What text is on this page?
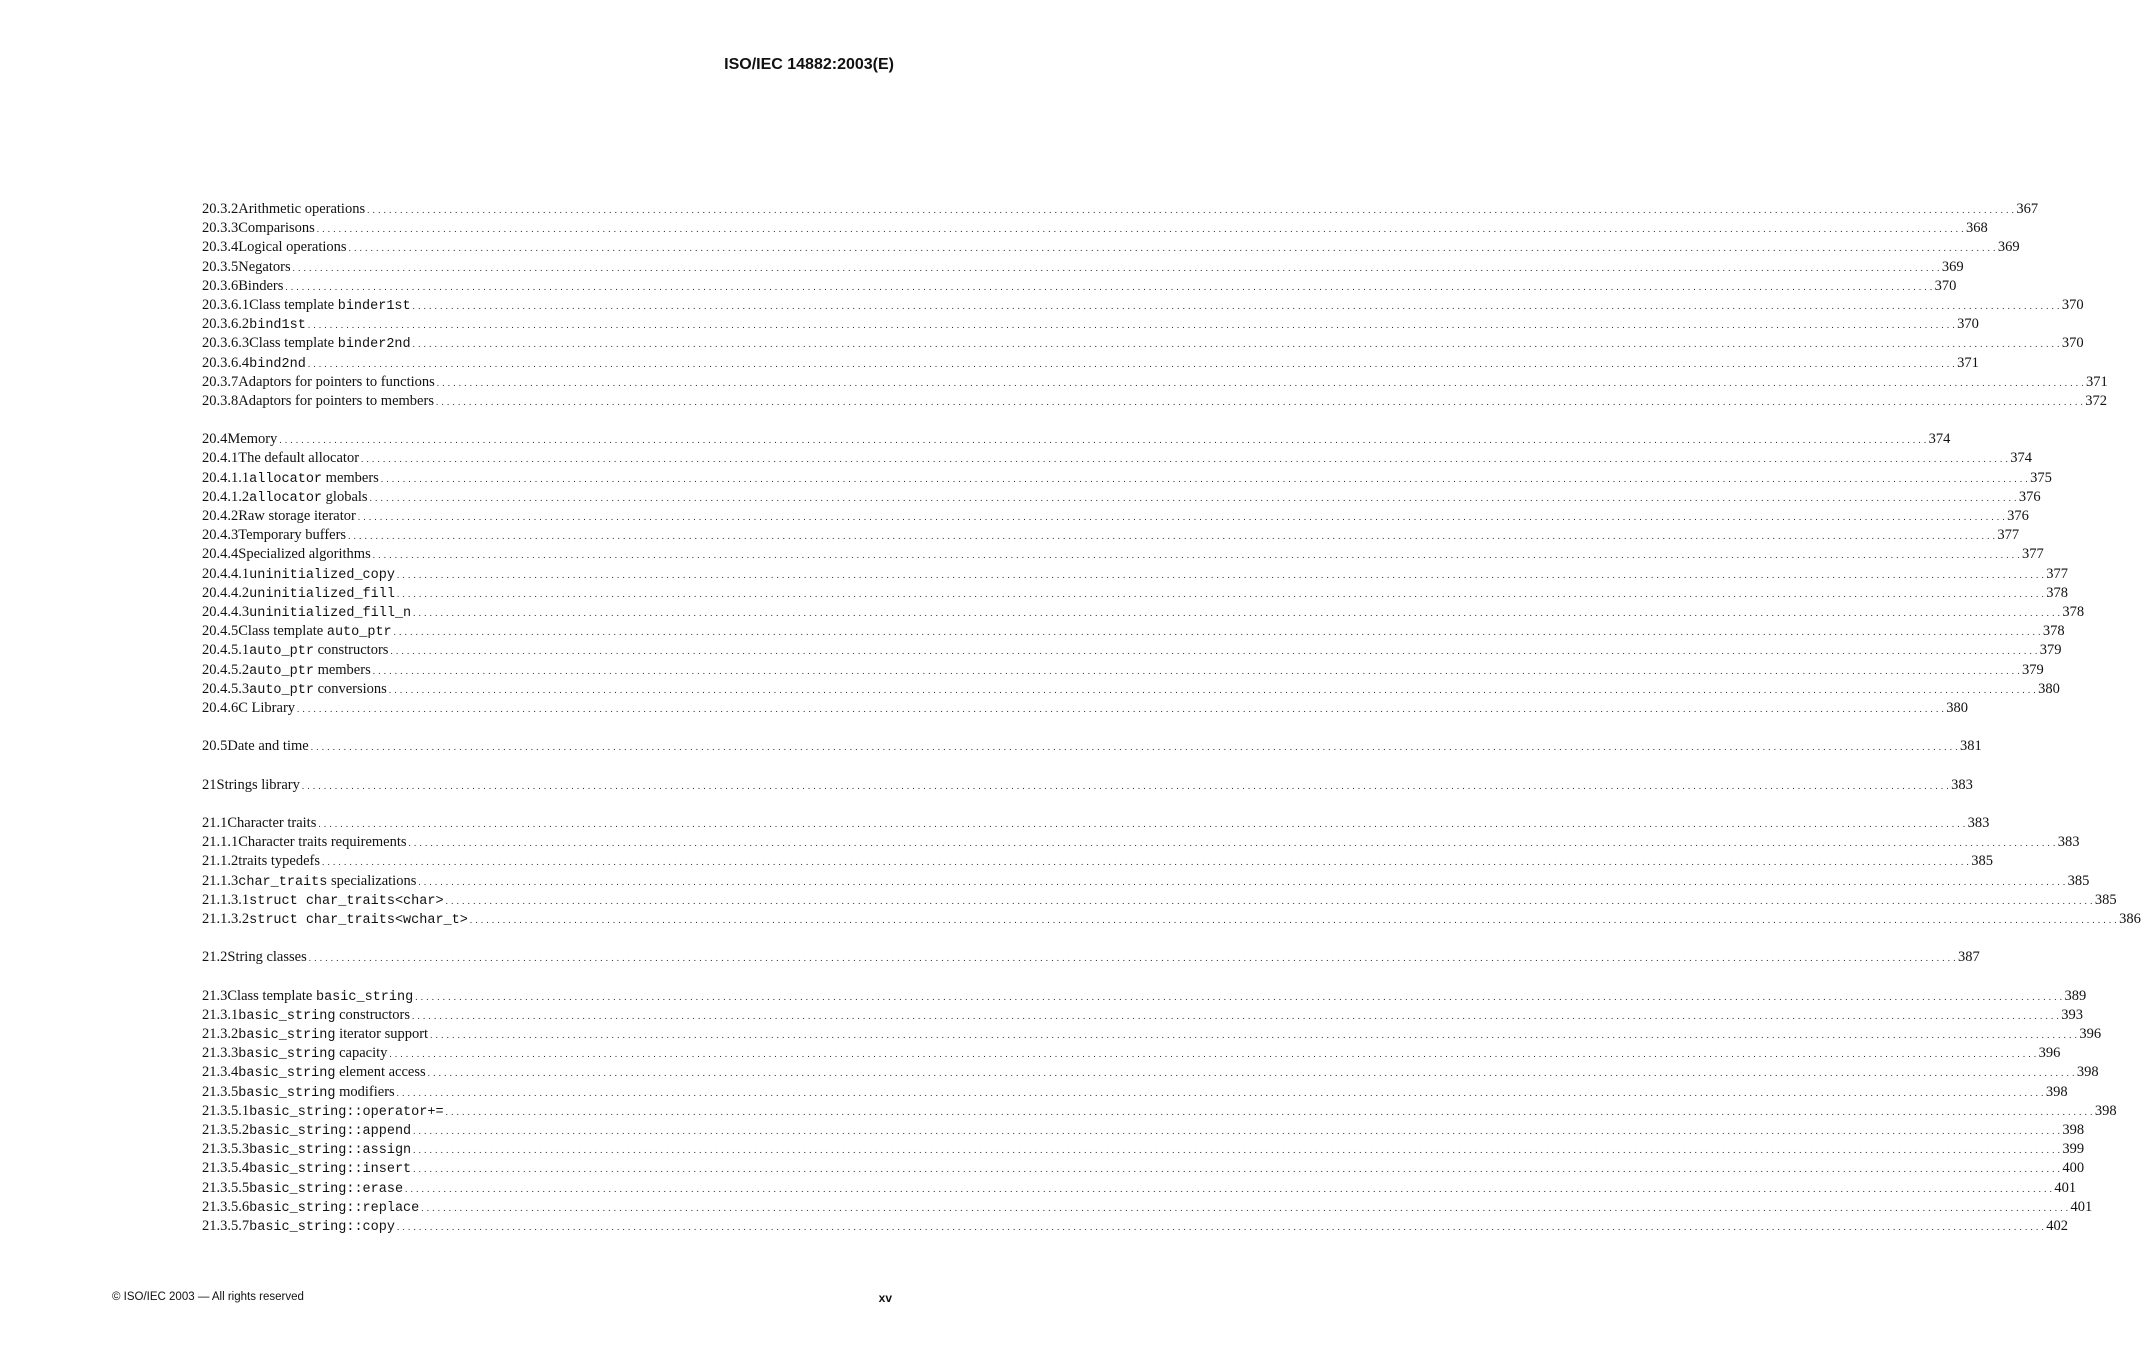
ISO/IEC 14882:2003(E)
20.3.2 Arithmetic operations . . . . . . . . . . . . . . . . . . . . . . . . . . . . . . . . . . . . . . . . . . . . . . . . . . . . . . . . . . . . . . . . . . . . . . . . . . . . . . . . . . . . . . . . . . . . . . . . . . . . . . . . . . . . . . . . . . . . . . . . . . . . . . . . . . . . . . . . . . . . . . . . . . . . . . . . . . . . . . . . . . . . . . . . . . . . . . . . . . . . . . . . . . . . . . . . . . . . . . . . . . . . . . . . . . . . . . . . . . . . . . . . . . . . . . . . . . . . . . . . . . . . . . . . . . . . . . . . . . . . . . . . . . . . . . . . . . . . . . . . . . . . . . . . . . . . . . . . . . . . 367
20.3.3 Comparisons . . . . . . . . . . . . . . . . . . . . . . . . . . . . . . . . . . . . . . . . . . . . . . . . . . . . . . . . . . . . . . . . . . . . . . . . . . . . . . . . . . . . . . . . . . . . . . . . . . . . . . . . . . . . . . . . . . . . . . . . . . . . . . . . . . . . . . . . . . . . . . . . . . . . . . . . . . . . . . . . . . . . . . . . . . . . . . . . . . . . . . . . . . . . . . . . . . . . . . . . . . . . . . . . . . . . . . . . . . . . . . . . . . . . . . . . . . . . . . . . . . . . . . . . . . . . . . . . . . . . . . . . . . . . . . . . . . . . . . . . . . . . . . . . . . . . . . . . . . . . 368
20.3.4 Logical operations . . . . . . . . . . . . . . . . . . . . . . . . . . . . . . . . . . . . . . . . . . . . . . . . . . . . . . . . . . . . . . . . . . . . . . . . . . . . . . . . . . . . . . . . . . . . . . . . . . . . . . . . . . . . . . . . . . . . . . . . . . . . . . . . . . . . . . . . . . . . . . . . . . . . . . . . . . . . . . . . . . . . . . . . . . . . . . . . . . . . . . . . . . . . . . . . . . . . . . . . . . . . . . . . . . . . . . . . . . . . . . . . . . . . . . . . . . . . . . . . . . . . . . . . . . . . . . . . . . . . . . . . . . . . . . . . . . . . . . . . . . . . . . . . . . . . . . . . . . . . 369
20.3.5 Negators . . . . . . . . . . . . . . . . . . . . . . . . . . . . . . . . . . . . . . . . . . . . . . . . . . . . . . . . . . . . . . . . . . . . . . . . . . . . . . . . . . . . . . . . . . . . . . . . . . . . . . . . . . . . . . . . . . . . . . . . . . . . . . . . . . . . . . . . . . . . . . . . . . . . . . . . . . . . . . . . . . . . . . . . . . . . . . . . . . . . . . . . . . . . . . . . . . . . . . . . . . . . . . . . . . . . . . . . . . . . . . . . . . . . . . . . . . . . . . . . . . . . . . . . . . . . . . . . . . . . . . . . . . . . . . . . . . . . . . . . . . . . . . . . . . . . . . . . . . . . 369
20.3.6 Binders . . . . . . . . . . . . . . . . . . . . . . . . . . . . . . . . . . . . . . . . . . . . . . . . . . . . . . . . . . . . . . . . . . . . . . . . . . . . . . . . . . . . . . . . . . . . . . . . . . . . . . . . . . . . . . . . . . . . . . . . . . . . . . . . . . . . . . . . . . . . . . . . . . . . . . . . . . . . . . . . . . . . . . . . . . . . . . . . . . . . . . . . . . . . . . . . . . . . . . . . . . . . . . . . . . . . . . . . . . . . . . . . . . . . . . . . . . . . . . . . . . . . . . . . . . . . . . . . . . . . . . . . . . . . . . . . . . . . . . . . . . . . . . . . . . . . . . . . . . . . 370
20.3.6.1 Class template binder1st . . . . . . . . . . . . . . . . . . . . . . . . . . . . . . . . . . . . . . . . . . . . . . . . . . . . . . . . . . . . . . . . . . . . . . . . . . . . . . . . . . . . . . . . . . . . . . . . . . . . . . . . . . . . . . . . . . . . . . . . . . . . . . . . . . . . . . . . . . . . . . . . . . . . . . . . . . . . . . . . . . . . . . . . . . . . . . . . . . . . . . . . . . . . . . . . . . . . . . . . . . . . . . . . . . . . . . . . . . . . . . . . . . . . . . . . . . . . . . . . . . . . . . . . . . . . . . . . . . . . . . . . . . . . . . . . . . . . . . . . . . . . . . . . . . . . . . . . . . . . 370
20.3.6.2 bind1st . . . . . . . . . . . . . . . . . . . . . . . . . . . . . . . . . . . . . . . . . . . . . . . . . . . . . . . . . . . . . . . . . . . . . . . . . . . . . . . . . . . . . . . . . . . . . . . . . . . . . . . . . . . . . . . . . . . . . . . . . . . . . . . . . . . . . . . . . . . . . . . . . . . . . . . . . . . . . . . . . . . . . . . . . . . . . . . . . . . . . . . . . . . . . . . . . . . . . . . . . . . . . . . . . . . . . . . . . . . . . . . . . . . . . . . . . . . . . . . . . . . . . . . . . . . . . . . . . . . . . . . . . . . . . . . . . . . . . . . . . . . . . . . . . . . . . . . . . . . . 370
20.3.6.3 Class template binder2nd . . . . . . . . . . . . . . . . . . . . . . . . . . . . . . . . . . . . . . . . . . . . . . . . . . . . . . . . . . . . . . . . . . . . . . . . . . . . . . . . . . . . . . . . . . . . . . . . . . . . . . . . . . . . . . . . . . . . . . . . . . . . . . . . . . . . . . . . . . . . . . . . . . . . . . . . . . . . . . . . . . . . . . . . . . . . . . . . . . . . . . . . . . . . . . . . . . . . . . . . . . . . . . . . . . . . . . . . . . . . . . . . . . . . . . . . . . . . . . . . . . . . . . . . . . . . . . . . . . . . . . . . . . . . . . . . . . . . . . . . . . . . . . . . . . . . . . . . . . . . 370
20.3.6.4 bind2nd . . . . . . . . . . . . . . . . . . . . . . . . . . . . . . . . . . . . . . . . . . . . . . . . . . . . . . . . . . . . . . . . . . . . . . . . . . . . . . . . . . . . . . . . . . . . . . . . . . . . . . . . . . . . . . . . . . . . . . . . . . . . . . . . . . . . . . . . . . . . . . . . . . . . . . . . . . . . . . . . . . . . . . . . . . . . . . . . . . . . . . . . . . . . . . . . . . . . . . . . . . . . . . . . . . . . . . . . . . . . . . . . . . . . . . . . . . . . . . . . . . . . . . . . . . . . . . . . . . . . . . . . . . . . . . . . . . . . . . . . . . . . . . . . . . . . . . . . . . . . 371
20.3.7 Adaptors for pointers to functions . . . . . . . . . . . . . . . . . . . . . . . . . . . . . . . . . . . . . . . . . . . . . . . . . . . . . . . . . . . . . . . . . . . . . . . . . . . . . . . . . . . . . . . . . . . . . . . . . . . . . . . . . . . . . . . . . . . . . . . . . . . . . . . . . . . . . . . . . . . . . . . . . . . . . . . . . . . . . . . . . . . . . . . . . . . . . . . . . . . . . . . . . . . . . . . . . . . . . . . . . . . . . . . . . . . . . . . . . . . . . . . . . . . . . . . . . . . . . . . . . . . . . . . . . . . . . . . . . . . . . . . . . . . . . . . . . . . . . . . . . . . . . . . . . . . . . . . . . . . . 371
20.3.8 Adaptors for pointers to members . . . . . . . . . . . . . . . . . . . . . . . . . . . . . . . . . . . . . . . . . . . . . . . . . . . . . . . . . . . . . . . . . . . . . . . . . . . . . . . . . . . . . . . . . . . . . . . . . . . . . . . . . . . . . . . . . . . . . . . . . . . . . . . . . . . . . . . . . . . . . . . . . . . . . . . . . . . . . . . . . . . . . . . . . . . . . . . . . . . . . . . . . . . . . . . . . . . . . . . . . . . . . . . . . . . . . . . . . . . . . . . . . . . . . . . . . . . . . . . . . . . . . . . . . . . . . . . . . . . . . . . . . . . . . . . . . . . . . . . . . . . . . . . . . . . . . . . . . . . . 372
20.4 Memory . . . . . . . . . . . . . . . . . . . . . . . . . . . . . . . . . . . . . . . . . . . . . . . . . . . . . . . . . . . . . . . . . . . . . . . . . . . . . . . . . . . . . . . . . . . . . . . . . . . . . . . . . . . . . . . . . . . . . . . . . . . . . . . . . . . . . . . . . . . . . . . . . . . . . . . . . . . . . . . . . . . . . . . . . . . . . . . . . . . . . . . . . . . . . . . . . . . . . . . . . . . . . . . . . . . . . . . . . . . . . . . . . . . . . . . . . . . . . . . . . . . . . . . . . . . . . . . . . . . . . . . . . . . . . . . . . . . . . . . . . . . . . . . . . . . . . . . . . . . . 374
20.4.1 The default allocator . . . . . . . . . . . . . . . . . . . . . . . . . . . . . . . . . . . . . . . . . . . . . . . . . . . . . . . . . . . . . . . . . . . . . . . . . . . . . . . . . . . . . . . . . . . . . . . . . . . . . . . . . . . . . . . . . . . . . . . . . . . . . . . . . . . . . . . . . . . . . . . . . . . . . . . . . . . . . . . . . . . . . . . . . . . . . . . . . . . . . . . . . . . . . . . . . . . . . . . . . . . . . . . . . . . . . . . . . . . . . . . . . . . . . . . . . . . . . . . . . . . . . . . . . . . . . . . . . . . . . . . . . . . . . . . . . . . . . . . . . . . . . . . . . . . . . . . . . . . . 374
20.4.1.1 allocator members . . . . . . . . . . . . . . . . . . . . . . . . . . . . . . . . . . . . . . . . . . . . . . . . . . . . . . . . . . . . . . . . . . . . . . . . . . . . . . . . . . . . . . . . . . . . . . . . . . . . . . . . . . . . . . . . . . . . . . . . . . . . . . . . . . . . . . . . . . . . . . . . . . . . . . . . . . . . . . . . . . . . . . . . . . . . . . . . . . . . . . . . . . . . . . . . . . . . . . . . . . . . . . . . . . . . . . . . . . . . . . . . . . . . . . . . . . . . . . . . . . . . . . . . . . . . . . . . . . . . . . . . . . . . . . . . . . . . . . . . . . . . . . . . . . . . . . . . . . . . 375
20.4.1.2 allocator globals . . . . . . . . . . . . . . . . . . . . . . . . . . . . . . . . . . . . . . . . . . . . . . . . . . . . . . . . . . . . . . . . . . . . . . . . . . . . . . . . . . . . . . . . . . . . . . . . . . . . . . . . . . . . . . . . . . . . . . . . . . . . . . . . . . . . . . . . . . . . . . . . . . . . . . . . . . . . . . . . . . . . . . . . . . . . . . . . . . . . . . . . . . . . . . . . . . . . . . . . . . . . . . . . . . . . . . . . . . . . . . . . . . . . . . . . . . . . . . . . . . . . . . . . . . . . . . . . . . . . . . . . . . . . . . . . . . . . . . . . . . . . . . . . . . . . . . . . . . . . 376
20.4.2 Raw storage iterator . . . . . . . . . . . . . . . . . . . . . . . . . . . . . . . . . . . . . . . . . . . . . . . . . . . . . . . . . . . . . . . . . . . . . . . . . . . . . . . . . . . . . . . . . . . . . . . . . . . . . . . . . . . . . . . . . . . . . . . . . . . . . . . . . . . . . . . . . . . . . . . . . . . . . . . . . . . . . . . . . . . . . . . . . . . . . . . . . . . . . . . . . . . . . . . . . . . . . . . . . . . . . . . . . . . . . . . . . . . . . . . . . . . . . . . . . . . . . . . . . . . . . . . . . . . . . . . . . . . . . . . . . . . . . . . . . . . . . . . . . . . . . . . . . . . . . . . . . . . . 376
20.4.3 Temporary buffers . . . . . . . . . . . . . . . . . . . . . . . . . . . . . . . . . . . . . . . . . . . . . . . . . . . . . . . . . . . . . . . . . . . . . . . . . . . . . . . . . . . . . . . . . . . . . . . . . . . . . . . . . . . . . . . . . . . . . . . . . . . . . . . . . . . . . . . . . . . . . . . . . . . . . . . . . . . . . . . . . . . . . . . . . . . . . . . . . . . . . . . . . . . . . . . . . . . . . . . . . . . . . . . . . . . . . . . . . . . . . . . . . . . . . . . . . . . . . . . . . . . . . . . . . . . . . . . . . . . . . . . . . . . . . . . . . . . . . . . . . . . . . . . . . . . . . . . . . . . . 377
20.4.4 Specialized algorithms . . . . . . . . . . . . . . . . . . . . . . . . . . . . . . . . . . . . . . . . . . . . . . . . . . . . . . . . . . . . . . . . . . . . . . . . . . . . . . . . . . . . . . . . . . . . . . . . . . . . . . . . . . . . . . . . . . . . . . . . . . . . . . . . . . . . . . . . . . . . . . . . . . . . . . . . . . . . . . . . . . . . . . . . . . . . . . . . . . . . . . . . . . . . . . . . . . . . . . . . . . . . . . . . . . . . . . . . . . . . . . . . . . . . . . . . . . . . . . . . . . . . . . . . . . . . . . . . . . . . . . . . . . . . . . . . . . . . . . . . . . . . . . . . . . . . . . . . . . . . 377
20.4.4.1 uninitialized_copy . . . . . . . . . . . . . . . . . . . . . . . . . . . . . . . . . . . . . . . . . . . . . . . . . . . . . . . . . . . . . . . . . . . . . . . . . . . . . . . . . . . . . . . . . . . . . . . . . . . . . . . . . . . . . . . . . . . . . . . . . . . . . . . . . . . . . . . . . . . . . . . . . . . . . . . . . . . . . . . . . . . . . . . . . . . . . . . . . . . . . . . . . . . . . . . . . . . . . . . . . . . . . . . . . . . . . . . . . . . . . . . . . . . . . . . . . . . . . . . . . . . . . . . . . . . . . . . . . . . . . . . . . . . . . . . . . . . . . . . . . . . . . . . . . . . . . . . . . . . . 377
20.4.4.2 uninitialized_fill . . . . . . . . . . . . . . . . . . . . . . . . . . . . . . . . . . . . . . . . . . . . . . . . . . . . . . . . . . . . . . . . . . . . . . . . . . . . . . . . . . . . . . . . . . . . . . . . . . . . . . . . . . . . . . . . . . . . . . . . . . . . . . . . . . . . . . . . . . . . . . . . . . . . . . . . . . . . . . . . . . . . . . . . . . . . . . . . . . . . . . . . . . . . . . . . . . . . . . . . . . . . . . . . . . . . . . . . . . . . . . . . . . . . . . . . . . . . . . . . . . . . . . . . . . . . . . . . . . . . . . . . . . . . . . . . . . . . . . . . . . . . . . . . . . . . . . . . . . . . 378
20.4.4.3 uninitialized_fill_n . . . . . . . . . . . . . . . . . . . . . . . . . . . . . . . . . . . . . . . . . . . . . . . . . . . . . . . . . . . . . . . . . . . . . . . . . . . . . . . . . . . . . . . . . . . . . . . . . . . . . . . . . . . . . . . . . . . . . . . . . . . . . . . . . . . . . . . . . . . . . . . . . . . . . . . . . . . . . . . . . . . . . . . . . . . . . . . . . . . . . . . . . . . . . . . . . . . . . . . . . . . . . . . . . . . . . . . . . . . . . . . . . . . . . . . . . . . . . . . . . . . . . . . . . . . . . . . . . . . . . . . . . . . . . . . . . . . . . . . . . . . . . . . . . . . . . . . . . . . . 378
20.4.5 Class template auto_ptr . . . . . . . . . . . . . . . . . . . . . . . . . . . . . . . . . . . . . . . . . . . . . . . . . . . . . . . . . . . . . . . . . . . . . . . . . . . . . . . . . . . . . . . . . . . . . . . . . . . . . . . . . . . . . . . . . . . . . . . . . . . . . . . . . . . . . . . . . . . . . . . . . . . . . . . . . . . . . . . . . . . . . . . . . . . . . . . . . . . . . . . . . . . . . . . . . . . . . . . . . . . . . . . . . . . . . . . . . . . . . . . . . . . . . . . . . . . . . . . . . . . . . . . . . . . . . . . . . . . . . . . . . . . . . . . . . . . . . . . . . . . . . . . . . . . . . . . . . . . . 378
20.4.5.1 auto_ptr constructors . . . . . . . . . . . . . . . . . . . . . . . . . . . . . . . . . . . . . . . . . . . . . . . . . . . . . . . . . . . . . . . . . . . . . . . . . . . . . . . . . . . . . . . . . . . . . . . . . . . . . . . . . . . . . . . . . . . . . . . . . . . . . . . . . . . . . . . . . . . . . . . . . . . . . . . . . . . . . . . . . . . . . . . . . . . . . . . . . . . . . . . . . . . . . . . . . . . . . . . . . . . . . . . . . . . . . . . . . . . . . . . . . . . . . . . . . . . . . . . . . . . . . . . . . . . . . . . . . . . . . . . . . . . . . . . . . . . . . . . . . . . . . . . . . . . . . . . . . . . . 379
20.4.5.2 auto_ptr members . . . . . . . . . . . . . . . . . . . . . . . . . . . . . . . . . . . . . . . . . . . . . . . . . . . . . . . . . . . . . . . . . . . . . . . . . . . . . . . . . . . . . . . . . . . . . . . . . . . . . . . . . . . . . . . . . . . . . . . . . . . . . . . . . . . . . . . . . . . . . . . . . . . . . . . . . . . . . . . . . . . . . . . . . . . . . . . . . . . . . . . . . . . . . . . . . . . . . . . . . . . . . . . . . . . . . . . . . . . . . . . . . . . . . . . . . . . . . . . . . . . . . . . . . . . . . . . . . . . . . . . . . . . . . . . . . . . . . . . . . . . . . . . . . . . . . . . . . . . . 379
20.4.5.3 auto_ptr conversions . . . . . . . . . . . . . . . . . . . . . . . . . . . . . . . . . . . . . . . . . . . . . . . . . . . . . . . . . . . . . . . . . . . . . . . . . . . . . . . . . . . . . . . . . . . . . . . . . . . . . . . . . . . . . . . . . . . . . . . . . . . . . . . . . . . . . . . . . . . . . . . . . . . . . . . . . . . . . . . . . . . . . . . . . . . . . . . . . . . . . . . . . . . . . . . . . . . . . . . . . . . . . . . . . . . . . . . . . . . . . . . . . . . . . . . . . . . . . . . . . . . . . . . . . . . . . . . . . . . . . . . . . . . . . . . . . . . . . . . . . . . . . . . . . . . . . . . . . . . . 380
20.4.6 C Library . . . . . . . . . . . . . . . . . . . . . . . . . . . . . . . . . . . . . . . . . . . . . . . . . . . . . . . . . . . . . . . . . . . . . . . . . . . . . . . . . . . . . . . . . . . . . . . . . . . . . . . . . . . . . . . . . . . . . . . . . . . . . . . . . . . . . . . . . . . . . . . . . . . . . . . . . . . . . . . . . . . . . . . . . . . . . . . . . . . . . . . . . . . . . . . . . . . . . . . . . . . . . . . . . . . . . . . . . . . . . . . . . . . . . . . . . . . . . . . . . . . . . . . . . . . . . . . . . . . . . . . . . . . . . . . . . . . . . . . . . . . . . . . . . . . . . . . . . . . . 380
20.5 Date and time . . . . . . . . . . . . . . . . . . . . . . . . . . . . . . . . . . . . . . . . . . . . . . . . . . . . . . . . . . . . . . . . . . . . . . . . . . . . . . . . . . . . . . . . . . . . . . . . . . . . . . . . . . . . . . . . . . . . . . . . . . . . . . . . . . . . . . . . . . . . . . . . . . . . . . . . . . . . . . . . . . . . . . . . . . . . . . . . . . . . . . . . . . . . . . . . . . . . . . . . . . . . . . . . . . . . . . . . . . . . . . . . . . . . . . . . . . . . . . . . . . . . . . . . . . . . . . . . . . . . . . . . . . . . . . . . . . . . . . . . . . . . . . . . . . . . . . . . . . . . 381
21 Strings library . . . . . . . . . . . . . . . . . . . . . . . . . . . . . . . . . . . . . . . . . . . . . . . . . . . . . . . . . . . . . . . . . . . . . . . . . . . . . . . . . . . . . . . . . . . . . . . . . . . . . . . . . . . . . . . . . . . . . . . . . . . . . . . . . . . . . . . . . . . . . . . . . . . . . . . . . . . . . . . . . . . . . . . . . . . . . . . . . . . . . . . . . . . . . . . . . . . . . . . . . . . . . . . . . . . . . . . . . . . . . . . . . . . . . . . . . . . . . . . . . . . . . . . . . . . . . . . . . . . . . . . . . . . . . . . . . . . . . . . . . . . . . . . . . . . . . . . . . . . . 383
21.1 Character traits . . . . . . . . . . . . . . . . . . . . . . . . . . . . . . . . . . . . . . . . . . . . . . . . . . . . . . . . . . . . . . . . . . . . . . . . . . . . . . . . . . . . . . . . . . . . . . . . . . . . . . . . . . . . . . . . . . . . . . . . . . . . . . . . . . . . . . . . . . . . . . . . . . . . . . . . . . . . . . . . . . . . . . . . . . . . . . . . . . . . . . . . . . . . . . . . . . . . . . . . . . . . . . . . . . . . . . . . . . . . . . . . . . . . . . . . . . . . . . . . . . . . . . . . . . . . . . . . . . . . . . . . . . . . . . . . . . . . . . . . . . . . . . . . . . . . . . . . . . . . 383
21.1.1 Character traits requirements . . . . . . . . . . . . . . . . . . . . . . . . . . . . . . . . . . . . . . . . . . . . . . . . . . . . . . . . . . . . . . . . . . . . . . . . . . . . . . . . . . . . . . . . . . . . . . . . . . . . . . . . . . . . . . . . . . . . . . . . . . . . . . . . . . . . . . . . . . . . . . . . . . . . . . . . . . . . . . . . . . . . . . . . . . . . . . . . . . . . . . . . . . . . . . . . . . . . . . . . . . . . . . . . . . . . . . . . . . . . . . . . . . . . . . . . . . . . . . . . . . . . . . . . . . . . . . . . . . . . . . . . . . . . . . . . . . . . . . . . . . . . . . . . . . . . . . . . . . . . 383
21.1.2 traits typedefs . . . . . . . . . . . . . . . . . . . . . . . . . . . . . . . . . . . . . . . . . . . . . . . . . . . . . . . . . . . . . . . . . . . . . . . . . . . . . . . . . . . . . . . . . . . . . . . . . . . . . . . . . . . . . . . . . . . . . . . . . . . . . . . . . . . . . . . . . . . . . . . . . . . . . . . . . . . . . . . . . . . . . . . . . . . . . . . . . . . . . . . . . . . . . . . . . . . . . . . . . . . . . . . . . . . . . . . . . . . . . . . . . . . . . . . . . . . . . . . . . . . . . . . . . . . . . . . . . . . . . . . . . . . . . . . . . . . . . . . . . . . . . . . . . . . . . . . . . . . . 385
21.1.3 char_traits specializations . . . . . . . . . . . . . . . . . . . . . . . . . . . . . . . . . . . . . . . . . . . . . . . . . . . . . . . . . . . . . . . . . . . . . . . . . . . . . . . . . . . . . . . . . . . . . . . . . . . . . . . . . . . . . . . . . . . . . . . . . . . . . . . . . . . . . . . . . . . . . . . . . . . . . . . . . . . . . . . . . . . . . . . . . . . . . . . . . . . . . . . . . . . . . . . . . . . . . . . . . . . . . . . . . . . . . . . . . . . . . . . . . . . . . . . . . . . . . . . . . . . . . . . . . . . . . . . . . . . . . . . . . . . . . . . . . . . . . . . . . . . . . . . . . . . . . . . . . . . . 385
21.1.3.1 struct char_traits<char> . . . . . . . . . . . . . . . . . . . . . . . . . . . . . . . . . . . . . . . . . . . . . . . . . . . . . . . . . . . . . . . . . . . . . . . . . . . . . . . . . . . . . . . . . . . . . . . . . . . . . . . . . . . . . . . . . . . . . . . . . . . . . . . . . . . . . . . . . . . . . . . . . . . . . . . . . . . . . . . . . . . . . . . . . . . . . . . . . . . . . . . . . . . . . . . . . . . . . . . . . . . . . . . . . . . . . . . . . . . . . . . . . . . . . . . . . . . . . . . . . . . . . . . . . . . . . . . . . . . . . . . . . . . . . . . . . . . . . . . . . . . . . . . . . . . . . . . . . . . . 385
21.1.3.2 struct char_traits<wchar_t> . . . . . . . . . . . . . . . . . . . . . . . . . . . . . . . . . . . . . . . . . . . . . . . . . . . . . . . . . . . . . . . . . . . . . . . . . . . . . . . . . . . . . . . . . . . . . . . . . . . . . . . . . . . . . . . . . . . . . . . . . . . . . . . . . . . . . . . . . . . . . . . . . . . . . . . . . . . . . . . . . . . . . . . . . . . . . . . . . . . . . . . . . . . . . . . . . . . . . . . . . . . . . . . . . . . . . . . . . . . . . . . . . . . . . . . . . . . . . . . . . . . . . . . . . . . . . . . . . . . . . . . . . . . . . . . . . . . . . . . . . . . . . . . . . . . . . . . . . . . . 386
21.2 String classes . . . . . . . . . . . . . . . . . . . . . . . . . . . . . . . . . . . . . . . . . . . . . . . . . . . . . . . . . . . . . . . . . . . . . . . . . . . . . . . . . . . . . . . . . . . . . . . . . . . . . . . . . . . . . . . . . . . . . . . . . . . . . . . . . . . . . . . . . . . . . . . . . . . . . . . . . . . . . . . . . . . . . . . . . . . . . . . . . . . . . . . . . . . . . . . . . . . . . . . . . . . . . . . . . . . . . . . . . . . . . . . . . . . . . . . . . . . . . . . . . . . . . . . . . . . . . . . . . . . . . . . . . . . . . . . . . . . . . . . . . . . . . . . . . . . . . . . . . . . . 387
21.3 Class template basic_string . . . . . . . . . . . . . . . . . . . . . . . . . . . . . . . . . . . . . . . . . . . . . . . . . . . . . . . . . . . . . . . . . . . . . . . . . . . . . . . . . . . . . . . . . . . . . . . . . . . . . . . . . . . . . . . . . . . . . . . . . . . . . . . . . . . . . . . . . . . . . . . . . . . . . . . . . . . . . . . . . . . . . . . . . . . . . . . . . . . . . . . . . . . . . . . . . . . . . . . . . . . . . . . . . . . . . . . . . . . . . . . . . . . . . . . . . . . . . . . . . . . . . . . . . . . . . . . . . . . . . . . . . . . . . . . . . . . . . . . . . . . . . . . . . . . . . . . . . . . . 389
21.3.1 basic_string constructors . . . . . . . . . . . . . . . . . . . . . . . . . . . . . . . . . . . . . . . . . . . . . . . . . . . . . . . . . . . . . . . . . . . . . . . . . . . . . . . . . . . . . . . . . . . . . . . . . . . . . . . . . . . . . . . . . . . . . . . . . . . . . . . . . . . . . . . . . . . . . . . . . . . . . . . . . . . . . . . . . . . . . . . . . . . . . . . . . . . . . . . . . . . . . . . . . . . . . . . . . . . . . . . . . . . . . . . . . . . . . . . . . . . . . . . . . . . . . . . . . . . . . . . . . . . . . . . . . . . . . . . . . . . . . . . . . . . . . . . . . . . . . . . . . . . . . . . . . . . . 393
21.3.2 basic_string iterator support . . . . . . . . . . . . . . . . . . . . . . . . . . . . . . . . . . . . . . . . . . . . . . . . . . . . . . . . . . . . . . . . . . . . . . . . . . . . . . . . . . . . . . . . . . . . . . . . . . . . . . . . . . . . . . . . . . . . . . . . . . . . . . . . . . . . . . . . . . . . . . . . . . . . . . . . . . . . . . . . . . . . . . . . . . . . . . . . . . . . . . . . . . . . . . . . . . . . . . . . . . . . . . . . . . . . . . . . . . . . . . . . . . . . . . . . . . . . . . . . . . . . . . . . . . . . . . . . . . . . . . . . . . . . . . . . . . . . . . . . . . . . . . . . . . . . . . . . . . . . 396
21.3.3 basic_string capacity . . . . . . . . . . . . . . . . . . . . . . . . . . . . . . . . . . . . . . . . . . . . . . . . . . . . . . . . . . . . . . . . . . . . . . . . . . . . . . . . . . . . . . . . . . . . . . . . . . . . . . . . . . . . . . . . . . . . . . . . . . . . . . . . . . . . . . . . . . . . . . . . . . . . . . . . . . . . . . . . . . . . . . . . . . . . . . . . . . . . . . . . . . . . . . . . . . . . . . . . . . . . . . . . . . . . . . . . . . . . . . . . . . . . . . . . . . . . . . . . . . . . . . . . . . . . . . . . . . . . . . . . . . . . . . . . . . . . . . . . . . . . . . . . . . . . . . . . . . . . 396
21.3.4 basic_string element access . . . . . . . . . . . . . . . . . . . . . . . . . . . . . . . . . . . . . . . . . . . . . . . . . . . . . . . . . . . . . . . . . . . . . . . . . . . . . . . . . . . . . . . . . . . . . . . . . . . . . . . . . . . . . . . . . . . . . . . . . . . . . . . . . . . . . . . . . . . . . . . . . . . . . . . . . . . . . . . . . . . . . . . . . . . . . . . . . . . . . . . . . . . . . . . . . . . . . . . . . . . . . . . . . . . . . . . . . . . . . . . . . . . . . . . . . . . . . . . . . . . . . . . . . . . . . . . . . . . . . . . . . . . . . . . . . . . . . . . . . . . . . . . . . . . . . . . . . . . . 398
21.3.5 basic_string modifiers . . . . . . . . . . . . . . . . . . . . . . . . . . . . . . . . . . . . . . . . . . . . . . . . . . . . . . . . . . . . . . . . . . . . . . . . . . . . . . . . . . . . . . . . . . . . . . . . . . . . . . . . . . . . . . . . . . . . . . . . . . . . . . . . . . . . . . . . . . . . . . . . . . . . . . . . . . . . . . . . . . . . . . . . . . . . . . . . . . . . . . . . . . . . . . . . . . . . . . . . . . . . . . . . . . . . . . . . . . . . . . . . . . . . . . . . . . . . . . . . . . . . . . . . . . . . . . . . . . . . . . . . . . . . . . . . . . . . . . . . . . . . . . . . . . . . . . . . . . . . 398
21.3.5.1 basic_string::operator+= . . . . . . . . . . . . . . . . . . . . . . . . . . . . . . . . . . . . . . . . . . . . . . . . . . . . . . . . . . . . . . . . . . . . . . . . . . . . . . . . . . . . . . . . . . . . . . . . . . . . . . . . . . . . . . . . . . . . . . . . . . . . . . . . . . . . . . . . . . . . . . . . . . . . . . . . . . . . . . . . . . . . . . . . . . . . . . . . . . . . . . . . . . . . . . . . . . . . . . . . . . . . . . . . . . . . . . . . . . . . . . . . . . . . . . . . . . . . . . . . . . . . . . . . . . . . . . . . . . . . . . . . . . . . . . . . . . . . . . . . . . . . . . . . . . . . . . . . . . . . 398
21.3.5.2 basic_string::append . . . . . . . . . . . . . . . . . . . . . . . . . . . . . . . . . . . . . . . . . . . . . . . . . . . . . . . . . . . . . . . . . . . . . . . . . . . . . . . . . . . . . . . . . . . . . . . . . . . . . . . . . . . . . . . . . . . . . . . . . . . . . . . . . . . . . . . . . . . . . . . . . . . . . . . . . . . . . . . . . . . . . . . . . . . . . . . . . . . . . . . . . . . . . . . . . . . . . . . . . . . . . . . . . . . . . . . . . . . . . . . . . . . . . . . . . . . . . . . . . . . . . . . . . . . . . . . . . . . . . . . . . . . . . . . . . . . . . . . . . . . . . . . . . . . . . . . . . . . . 398
21.3.5.3 basic_string::assign . . . . . . . . . . . . . . . . . . . . . . . . . . . . . . . . . . . . . . . . . . . . . . . . . . . . . . . . . . . . . . . . . . . . . . . . . . . . . . . . . . . . . . . . . . . . . . . . . . . . . . . . . . . . . . . . . . . . . . . . . . . . . . . . . . . . . . . . . . . . . . . . . . . . . . . . . . . . . . . . . . . . . . . . . . . . . . . . . . . . . . . . . . . . . . . . . . . . . . . . . . . . . . . . . . . . . . . . . . . . . . . . . . . . . . . . . . . . . . . . . . . . . . . . . . . . . . . . . . . . . . . . . . . . . . . . . . . . . . . . . . . . . . . . . . . . . . . . . . . . 399
21.3.5.4 basic_string::insert . . . . . . . . . . . . . . . . . . . . . . . . . . . . . . . . . . . . . . . . . . . . . . . . . . . . . . . . . . . . . . . . . . . . . . . . . . . . . . . . . . . . . . . . . . . . . . . . . . . . . . . . . . . . . . . . . . . . . . . . . . . . . . . . . . . . . . . . . . . . . . . . . . . . . . . . . . . . . . . . . . . . . . . . . . . . . . . . . . . . . . . . . . . . . . . . . . . . . . . . . . . . . . . . . . . . . . . . . . . . . . . . . . . . . . . . . . . . . . . . . . . . . . . . . . . . . . . . . . . . . . . . . . . . . . . . . . . . . . . . . . . . . . . . . . . . . . . . . . . . 400
21.3.5.5 basic_string::erase . . . . . . . . . . . . . . . . . . . . . . . . . . . . . . . . . . . . . . . . . . . . . . . . . . . . . . . . . . . . . . . . . . . . . . . . . . . . . . . . . . . . . . . . . . . . . . . . . . . . . . . . . . . . . . . . . . . . . . . . . . . . . . . . . . . . . . . . . . . . . . . . . . . . . . . . . . . . . . . . . . . . . . . . . . . . . . . . . . . . . . . . . . . . . . . . . . . . . . . . . . . . . . . . . . . . . . . . . . . . . . . . . . . . . . . . . . . . . . . . . . . . . . . . . . . . . . . . . . . . . . . . . . . . . . . . . . . . . . . . . . . . . . . . . . . . . . . . . . . . 401
21.3.5.6 basic_string::replace . . . . . . . . . . . . . . . . . . . . . . . . . . . . . . . . . . . . . . . . . . . . . . . . . . . . . . . . . . . . . . . . . . . . . . . . . . . . . . . . . . . . . . . . . . . . . . . . . . . . . . . . . . . . . . . . . . . . . . . . . . . . . . . . . . . . . . . . . . . . . . . . . . . . . . . . . . . . . . . . . . . . . . . . . . . . . . . . . . . . . . . . . . . . . . . . . . . . . . . . . . . . . . . . . . . . . . . . . . . . . . . . . . . . . . . . . . . . . . . . . . . . . . . . . . . . . . . . . . . . . . . . . . . . . . . . . . . . . . . . . . . . . . . . . . . . . . . . . . . . 401
21.3.5.7 basic_string::copy . . . . . . . . . . . . . . . . . . . . . . . . . . . . . . . . . . . . . . . . . . . . . . . . . . . . . . . . . . . . . . . . . . . . . . . . . . . . . . . . . . . . . . . . . . . . . . . . . . . . . . . . . . . . . . . . . . . . . . . . . . . . . . . . . . . . . . . . . . . . . . . . . . . . . . . . . . . . . . . . . . . . . . . . . . . . . . . . . . . . . . . . . . . . . . . . . . . . . . . . . . . . . . . . . . . . . . . . . . . . . . . . . . . . . . . . . . . . . . . . . . . . . . . . . . . . . . . . . . . . . . . . . . . . . . . . . . . . . . . . . . . . . . . . . . . . . . . . . . . . 402
© ISO/IEC 2003 — All rights reserved	xv
